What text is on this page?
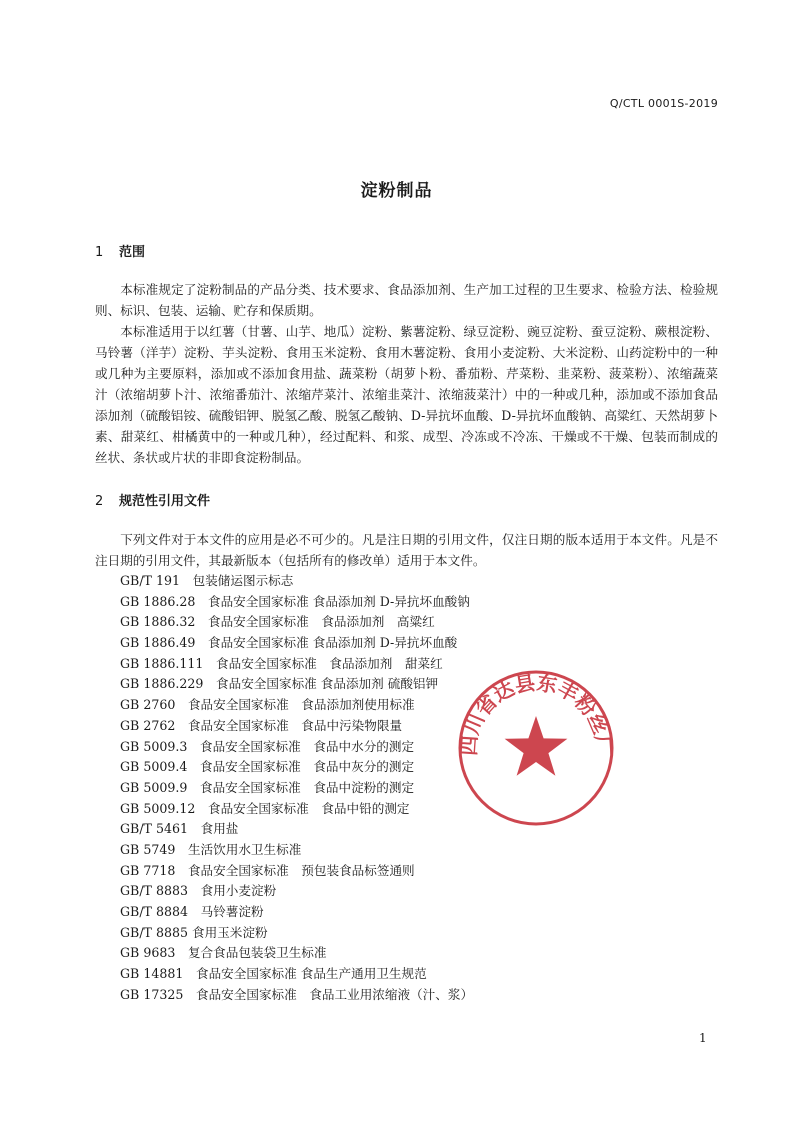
Q/CTL 0001S-2019
淀粉制品
1 范围

本标准规定了淀粉制品的产品分类、技术要求、食品添加剂、生产加工过程的卫生要求、检验方法、检验规则、标识、包装、运输、贮存和保质期。

本标准适用于以红薯（甘薯、山芋、地瓜）淀粉、紫薯淀粉、绿豆淀粉、豌豆淀粉、蚕豆淀粉、蕨根淀粉、马铃薯（洋芋）淀粉、芋头淀粉、食用玉米淀粉、食用木薯淀粉、食用小麦淀粉、大米淀粉、山药淀粉中的一种或几种为主要原料，添加或不添加食用盐、蔬菜粉（胡萝卜粉、番茄粉、芹菜粉、韭菜粉、菠菜粉）、浓缩蔬菜汁（浓缩胡萝卜汁、浓缩番茄汁、浓缩芹菜汁、浓缩韭菜汁、浓缩菠菜汁）中的一种或几种，添加或不添加食品添加剂（硫酸铝铵、硫酸铝钾、脱氢乙酸、脱氢乙酸钠、D-异抗坏血酸、D-异抗坏血酸钠、高粱红、天然胡萝卜素、甜菜红、柑橘黄中的一种或几种），经过配料、和浆、成型、冷冻或不冷冻、干燥或不干燥、包装而制成的丝状、条状或片状的非即食淀粉制品。

2 规范性引用文件

下列文件对于本文件的应用是必不可少的。凡是注日期的引用文件，仅注日期的版本适用于本文件。凡是不注日期的引用文件，其最新版本（包括所有的修改单）适用于本文件。

GB/T 191　包装储运图示标志
GB 1886.28　食品安全国家标准 食品添加剂 D-异抗坏血酸钠
GB 1886.32　食品安全国家标准　食品添加剂　高粱红
GB 1886.49　食品安全国家标准 食品添加剂 D-异抗坏血酸
GB 1886.111　食品安全国家标准　食品添加剂　甜菜红
GB 1886.229　食品安全国家标准 食品添加剂 硫酸铝钾
GB 2760　食品安全国家标准　食品添加剂使用标准
GB 2762　食品安全国家标准　食品中污染物限量
GB 5009.3　食品安全国家标准　食品中水分的测定
GB 5009.4　食品安全国家标准　食品中灰分的测定
GB 5009.9　食品安全国家标准　食品中淀粉的测定
GB 5009.12　食品安全国家标准　食品中铅的测定
GB/T 5461　食用盐
GB 5749　生活饮用水卫生标准
GB 7718　食品安全国家标准　预包装食品标签通则
GB/T 8883　食用小麦淀粉
GB/T 8884　马铃薯淀粉
GB/T 8885 食用玉米淀粉
GB 9683　复合食品包装袋卫生标准
GB 14881　食品安全国家标准 食品生产通用卫生规范
GB 17325　食品安全国家标准　食品工业用浓缩液（汁、浆）
四川省达县东丰粉丝厂
1
